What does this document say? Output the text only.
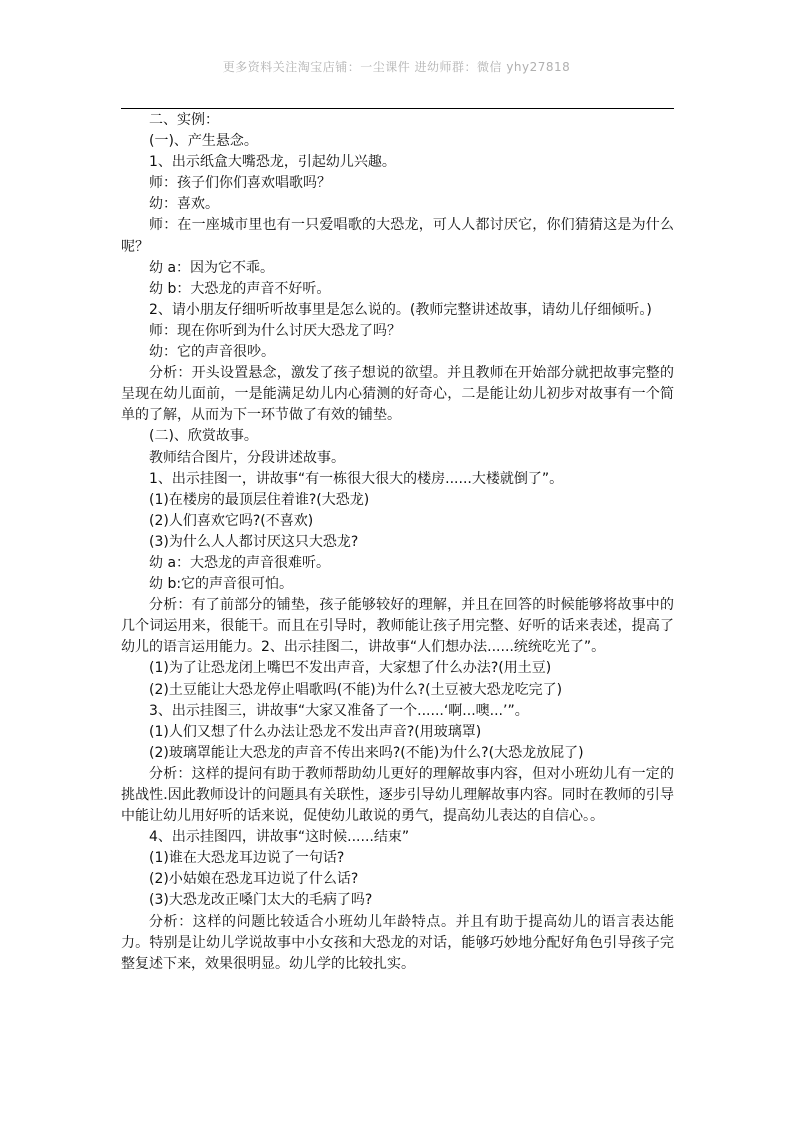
更多资料关注淘宝店铺：一尘课件 进幼师群：微信 yhy27818

二、实例：

(一)、产生悬念。

1、出示纸盒大嘴恐龙，引起幼儿兴趣。

师：孩子们你们喜欢唱歌吗？

幼：喜欢。

师：在一座城市里也有一只爱唱歌的大恐龙，可人人都讨厌它，你们猜猜这是为什么呢？

幼 a：因为它不乖。

幼 b：大恐龙的声音不好听。

2、请小朋友仔细听听故事里是怎么说的。(教师完整讲述故事，请幼儿仔细倾听。)

师：现在你听到为什么讨厌大恐龙了吗？

幼：它的声音很吵。

分析：开头设置悬念，激发了孩子想说的欲望。并且教师在开始部分就把故事完整的呈现在幼儿面前，一是能满足幼儿内心猜测的好奇心，二是能让幼儿初步对故事有一个简单的了解，从而为下一环节做了有效的铺垫。

(二)、欣赏故事。

教师结合图片，分段讲述故事。

1、出示挂图一，讲故事“有一栋很大很大的楼房......大楼就倒了”。

(1)在楼房的最顶层住着谁?(大恐龙)

(2)人们喜欢它吗?(不喜欢)

(3)为什么人人都讨厌这只大恐龙?

幼 a：大恐龙的声音很难听。

幼 b:它的声音很可怕。

分析：有了前部分的铺垫，孩子能够较好的理解，并且在回答的时候能够将故事中的几个词运用来，很能干。而且在引导时，教师能让孩子用完整、好听的话来表述，提高了幼儿的语言运用能力。2、出示挂图二，讲故事“人们想办法......统统吃光了”。

(1)为了让恐龙闭上嘴巴不发出声音，大家想了什么办法?(用土豆)

(2)土豆能让大恐龙停止唱歌吗(不能)为什么?(土豆被大恐龙吃完了)

3、出示挂图三，讲故事“大家又准备了一个......‘啊...噢...’”。

(1)人们又想了什么办法让恐龙不发出声音?(用玻璃罩)

(2)玻璃罩能让大恐龙的声音不传出来吗?(不能)为什么?(大恐龙放屁了)

分析：这样的提问有助于教师帮助幼儿更好的理解故事内容，但对小班幼儿有一定的挑战性.因此教师设计的问题具有关联性，逐步引导幼儿理解故事内容。同时在教师的引导中能让幼儿用好听的话来说，促使幼儿敢说的勇气，提高幼儿表达的自信心。。

4、出示挂图四，讲故事“这时候......结束”

(1)谁在大恐龙耳边说了一句话?

(2)小姑娘在恐龙耳边说了什么话?

(3)大恐龙改正嗓门太大的毛病了吗?

分析：这样的问题比较适合小班幼儿年龄特点。并且有助于提高幼儿的语言表达能力。特别是让幼儿学说故事中小女孩和大恐龙的对话，能够巧妙地分配好角色引导孩子完整复述下来，效果很明显。幼儿学的比较扎实。
